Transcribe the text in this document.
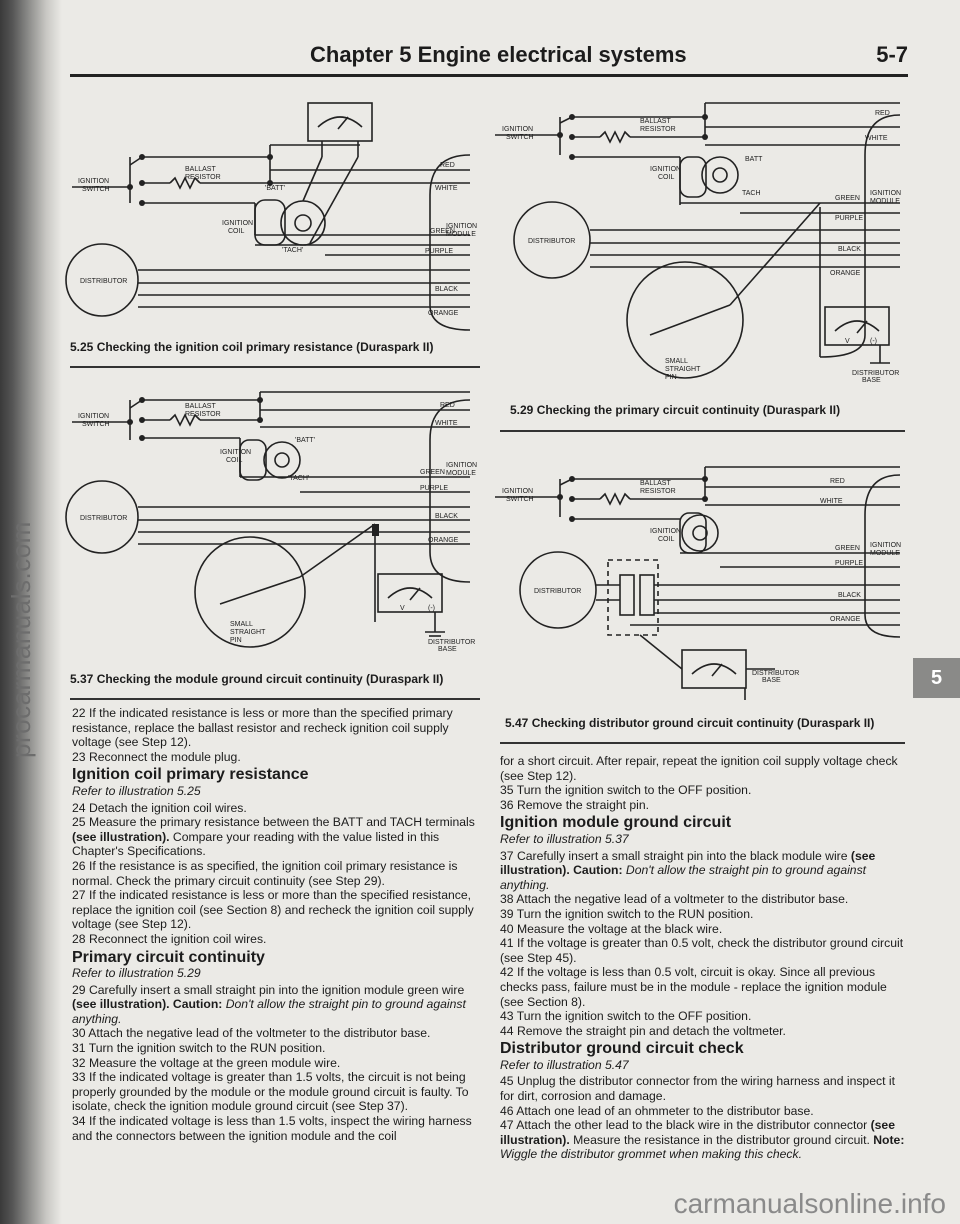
procarmanuals.com
carmanualsonline.info
Chapter 5 Engine electrical systems	5-7
BALLAST
RESISTOR
IGNITION
SWITCH
IGNITION
COIL
'BATT'
'TACH'
RED
WHITE
GREEN
IGNITION
MODULE
PURPLE
BLACK
ORANGE
DISTRIBUTOR
5.25 Checking the ignition coil primary resistance (Duraspark II)
BALLAST
RESISTOR
IGNITION
SWITCH
IGNITION
COIL
'BATT'
'TACH'
RED
WHITE
GREEN
IGNITION
MODULE
PURPLE
BLACK
ORANGE
DISTRIBUTOR
SMALL
STRAIGHT
PIN
V	(-)
DISTRIBUTOR
BASE
5.37 Checking the module ground circuit continuity (Duraspark II)
BALLAST
RESISTOR
IGNITION
SWITCH
IGNITION
COIL
BATT
TACH
RED
WHITE
GREEN
IGNITION
MODULE
PURPLE
BLACK
ORANGE
DISTRIBUTOR
SMALL
STRAIGHT
PIN
V	(-)
DISTRIBUTOR
BASE
5.29 Checking the primary circuit continuity (Duraspark II)
BALLAST
RESISTOR
IGNITION
SWITCH
IGNITION
COIL
RED
WHITE
GREEN IGNITION
MODULE
PURPLE
BLACK
ORANGE
DISTRIBUTOR
DISTRIBUTOR
BASE
5.47 Checking distributor ground circuit continuity (Duraspark II)
5

22 If the indicated resistance is less or more than the specified primary resistance, replace the ballast resistor and recheck ignition coil supply voltage (see Step 12).

23 Reconnect the module plug.

Ignition coil primary resistance

Refer to illustration 5.25

24 Detach the ignition coil wires.

25 Measure the primary resistance between the BATT and TACH terminals (see illustration). Compare your reading with the value listed in this Chapter's Specifications.

26 If the resistance is as specified, the ignition coil primary resistance is normal. Check the primary circuit continuity (see Step 29).

27 If the indicated resistance is less or more than the specified resistance, replace the ignition coil (see Section 8) and recheck the ignition coil supply voltage (see Step 12).

28 Reconnect the ignition coil wires.

Primary circuit continuity

Refer to illustration 5.29

29 Carefully insert a small straight pin into the ignition module green wire (see illustration). Caution: Don't allow the straight pin to ground against anything.

30 Attach the negative lead of the voltmeter to the distributor base.

31 Turn the ignition switch to the RUN position.

32 Measure the voltage at the green module wire.

33 If the indicated voltage is greater than 1.5 volts, the circuit is not being properly grounded by the module or the module ground circuit is faulty. To isolate, check the ignition module ground circuit (see Step 37).

34 If the indicated voltage is less than 1.5 volts, inspect the wiring harness and the connectors between the ignition module and the coil

for a short circuit. After repair, repeat the ignition coil supply voltage check (see Step 12).

35 Turn the ignition switch to the OFF position.

36 Remove the straight pin.

Ignition module ground circuit

Refer to illustration 5.37

37 Carefully insert a small straight pin into the black module wire (see illustration). Caution: Don't allow the straight pin to ground against anything.

38 Attach the negative lead of a voltmeter to the distributor base.

39 Turn the ignition switch to the RUN position.

40 Measure the voltage at the black wire.

41 If the voltage is greater than 0.5 volt, check the distributor ground circuit (see Step 45).

42 If the voltage is less than 0.5 volt, circuit is okay. Since all previous checks pass, failure must be in the module - replace the ignition module (see Section 8).

43 Turn the ignition switch to the OFF position.

44 Remove the straight pin and detach the voltmeter.

Distributor ground circuit check

Refer to illustration 5.47

45 Unplug the distributor connector from the wiring harness and inspect it for dirt, corrosion and damage.

46 Attach one lead of an ohmmeter to the distributor base.

47 Attach the other lead to the black wire in the distributor connector (see illustration). Measure the resistance in the distributor ground circuit. Note: Wiggle the distributor grommet when making this check.
